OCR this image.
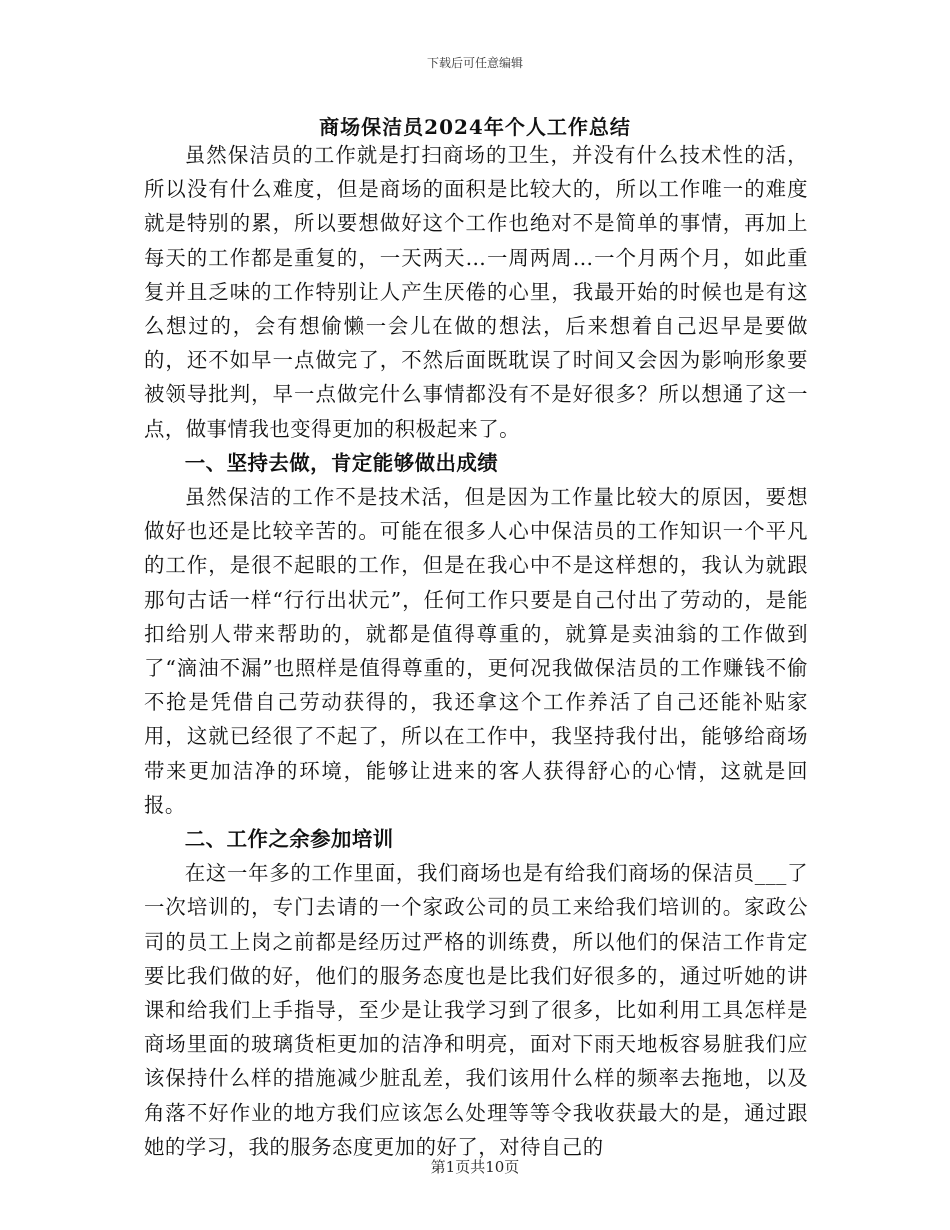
下载后可任意编辑
商场保洁员2024年个人工作总结

虽然保洁员的工作就是打扫商场的卫生，并没有什么技术性的活，所以没有什么难度，但是商场的面积是比较大的，所以工作唯一的难度就是特别的累，所以要想做好这个工作也绝对不是简单的事情，再加上每天的工作都是重复的，一天两天…一周两周…一个月两个月，如此重复并且乏味的工作特别让人产生厌倦的心里，我最开始的时候也是有这么想过的，会有想偷懒一会儿在做的想法，后来想着自己迟早是要做的，还不如早一点做完了，不然后面既耽误了时间又会因为影响形象要被领导批判，早一点做完什么事情都没有不是好很多？所以想通了这一点，做事情我也变得更加的积极起来了。

一、坚持去做，肯定能够做出成绩

虽然保洁的工作不是技术活，但是因为工作量比较大的原因，要想做好也还是比较辛苦的。可能在很多人心中保洁员的工作知识一个平凡的工作，是很不起眼的工作，但是在我心中不是这样想的，我认为就跟那句古话一样“行行出状元”，任何工作只要是自己付出了劳动的，是能扣给别人带来帮助的，就都是值得尊重的，就算是卖油翁的工作做到了“滴油不漏”也照样是值得尊重的，更何况我做保洁员的工作赚钱不偷不抢是凭借自己劳动获得的，我还拿这个工作养活了自己还能补贴家用，这就已经很了不起了，所以在工作中，我坚持我付出，能够给商场带来更加洁净的环境，能够让进来的客人获得舒心的心情，这就是回报。

二、工作之余参加培训

在这一年多的工作里面，我们商场也是有给我们商场的保洁员___了一次培训的，专门去请的一个家政公司的员工来给我们培训的。家政公司的员工上岗之前都是经历过严格的训练费，所以他们的保洁工作肯定要比我们做的好，他们的服务态度也是比我们好很多的，通过听她的讲课和给我们上手指导，至少是让我学习到了很多，比如利用工具怎样是商场里面的玻璃货柜更加的洁净和明亮，面对下雨天地板容易脏我们应该保持什么样的措施减少脏乱差，我们该用什么样的频率去拖地，以及角落不好作业的地方我们应该怎么处理等等令我收获最大的是，通过跟她的学习，我的服务态度更加的好了，对待自己的

第1页共10页
